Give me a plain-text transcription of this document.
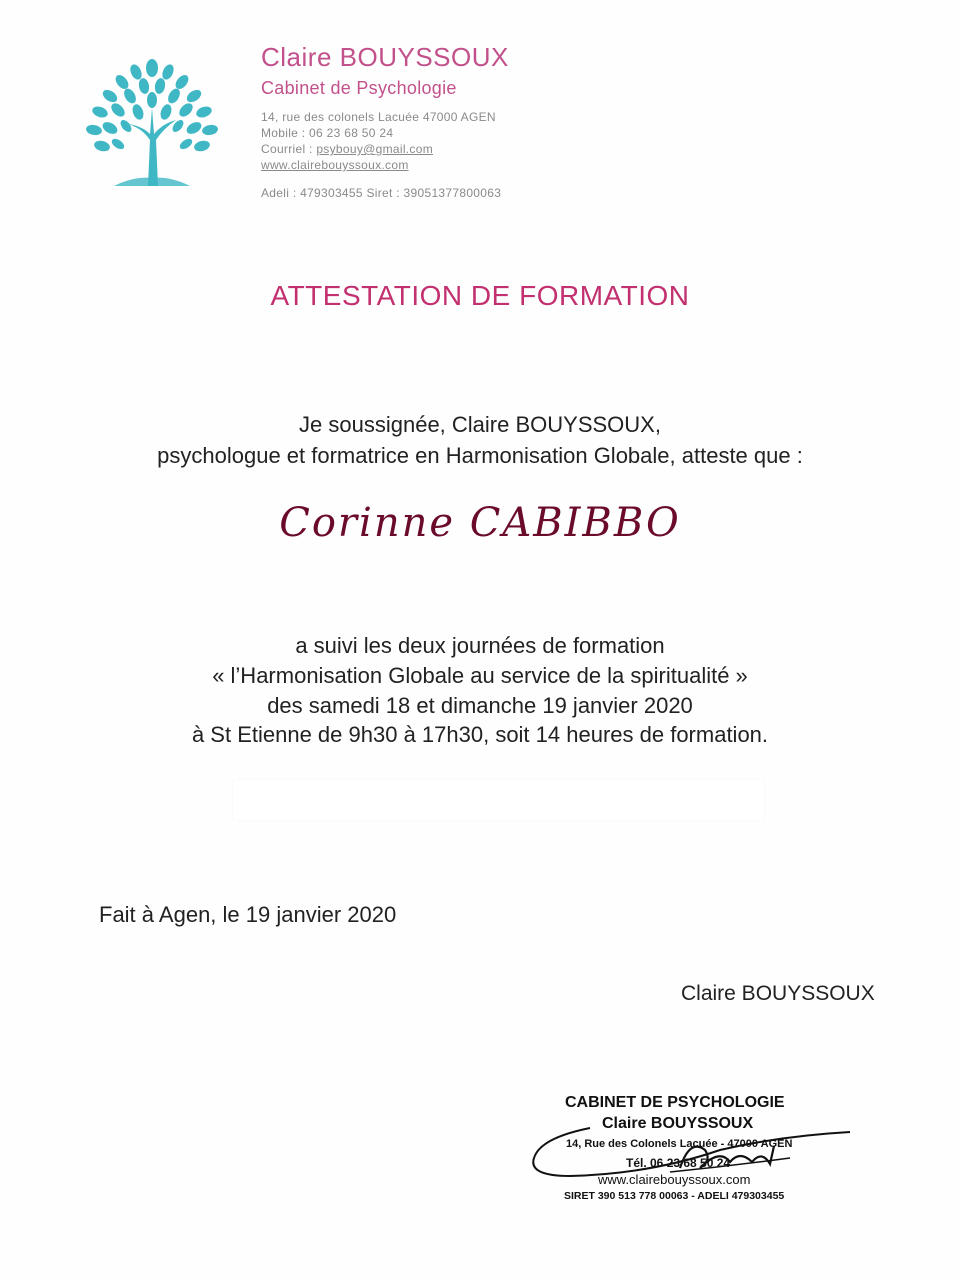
Claire BOUYSSOUX
Cabinet de Psychologie
14, rue des colonels Lacuée 47000 AGEN
Mobile : 06 23 68 50 24
Courriel : psybouy@gmail.com
www.clairebouyssoux.com
Adeli : 479303455 Siret : 39051377800063
ATTESTATION DE FORMATION
Je soussignée, Claire BOUYSSOUX,
psychologue et formatrice en Harmonisation Globale, atteste que :
Corinne CABIBBO
a suivi les deux journées de formation
« l’Harmonisation Globale au service de la spiritualité »
des samedi 18 et dimanche 19 janvier 2020
à St Etienne de 9h30 à 17h30, soit 14 heures de formation.
Fait à Agen, le 19 janvier 2020
Claire BOUYSSOUX
CABINET DE PSYCHOLOGIE
Claire BOUYSSOUX
14, Rue des Colonels Lacuée - 47000 AGEN
Tél. 06 23 68 50 24
www.clairebouyssoux.com
SIRET 390 513 778 00063 - ADELI 479303455
